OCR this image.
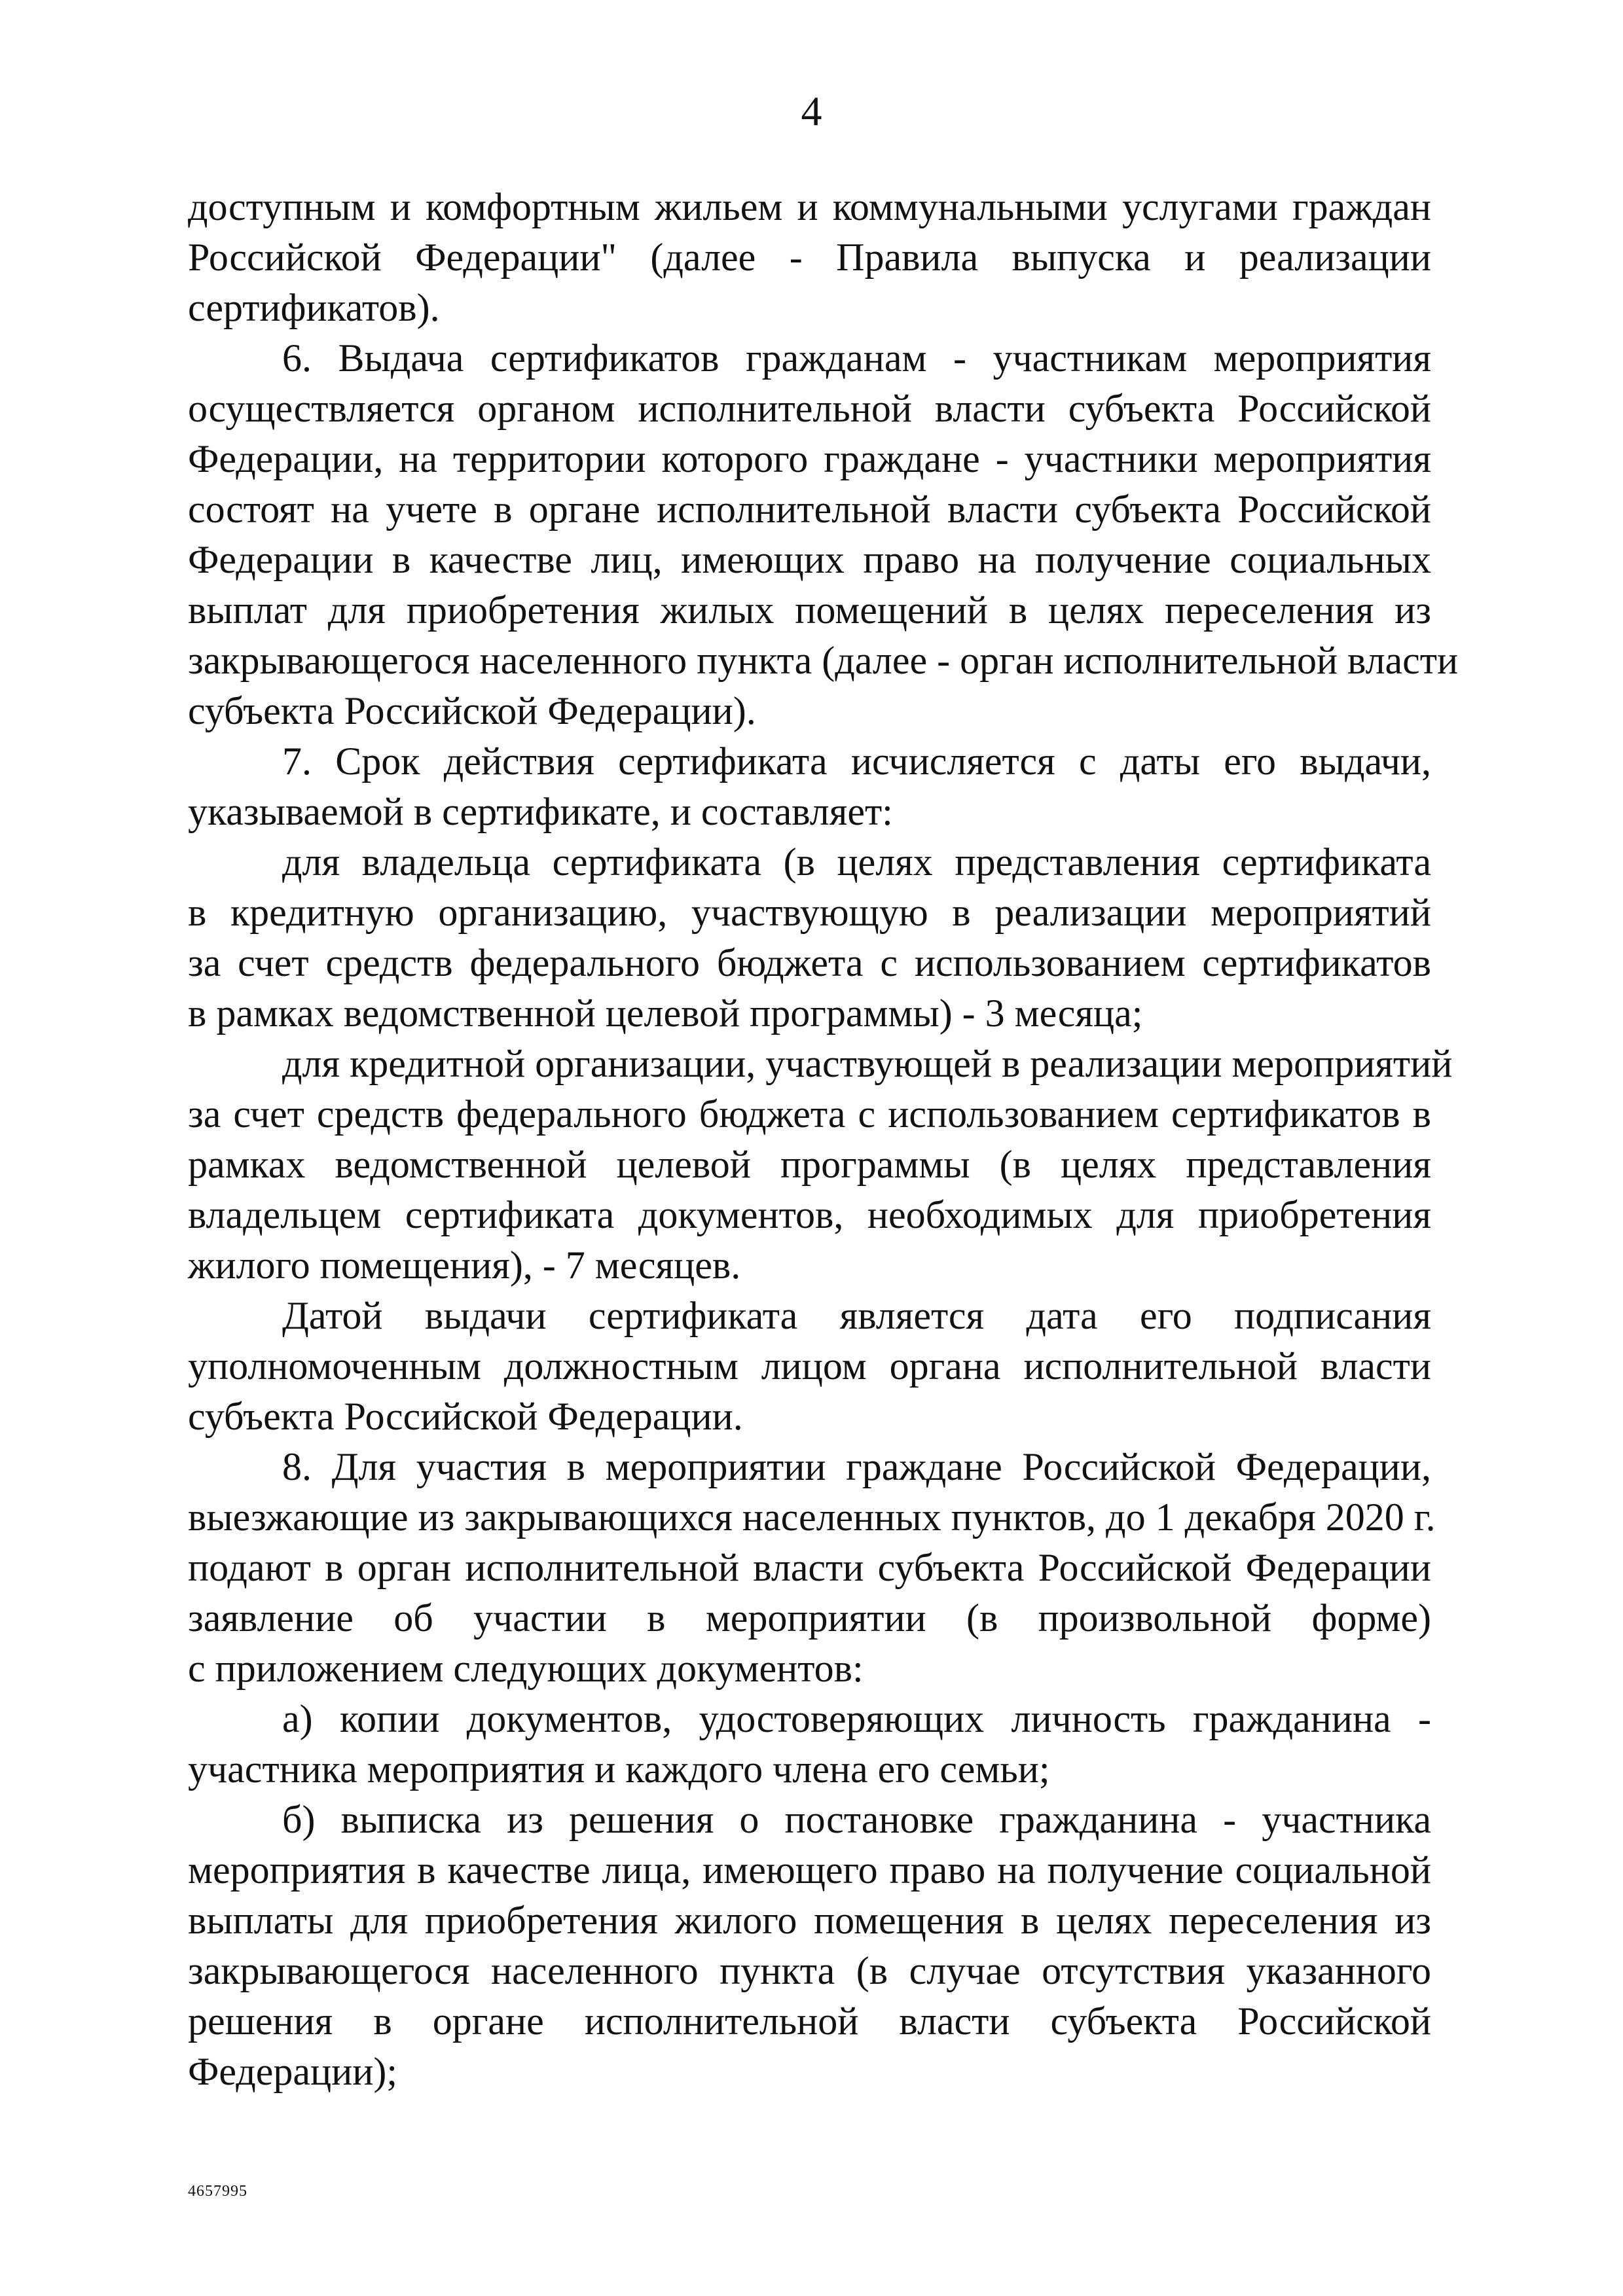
4
доступным и комфортным жильем и коммунальными услугами граждан
Российской Федерации" (далее - Правила выпуска и реализации
сертификатов).
6. Выдача сертификатов гражданам - участникам мероприятия
осуществляется органом исполнительной власти субъекта Российской
Федерации, на территории которого граждане - участники мероприятия
состоят на учете в органе исполнительной власти субъекта Российской
Федерации в качестве лиц, имеющих право на получение социальных
выплат для приобретения жилых помещений в целях переселения из
закрывающегося населенного пункта (далее - орган исполнительной власти
субъекта Российской Федерации).
7. Срок действия сертификата исчисляется с даты его выдачи,
указываемой в сертификате, и составляет:
для владельца сертификата (в целях представления сертификата
в кредитную организацию, участвующую в реализации мероприятий
за счет средств федерального бюджета с использованием сертификатов
в рамках ведомственной целевой программы) - 3 месяца;
для кредитной организации, участвующей в реализации мероприятий
за счет средств федерального бюджета с использованием сертификатов в
рамках ведомственной целевой программы (в целях представления
владельцем сертификата документов, необходимых для приобретения
жилого помещения), - 7 месяцев.
Датой выдачи сертификата является дата его подписания
уполномоченным должностным лицом органа исполнительной власти
субъекта Российской Федерации.
8. Для участия в мероприятии граждане Российской Федерации,
выезжающие из закрывающихся населенных пунктов, до 1 декабря 2020 г.
подают в орган исполнительной власти субъекта Российской Федерации
заявление об участии в мероприятии (в произвольной форме)
с приложением следующих документов:
а) копии документов, удостоверяющих личность гражданина -
участника мероприятия и каждого члена его семьи;
б) выписка из решения о постановке гражданина - участника
мероприятия в качестве лица, имеющего право на получение социальной
выплаты для приобретения жилого помещения в целях переселения из
закрывающегося населенного пункта (в случае отсутствия указанного
решения в органе исполнительной власти субъекта Российской
Федерации);
4657995
